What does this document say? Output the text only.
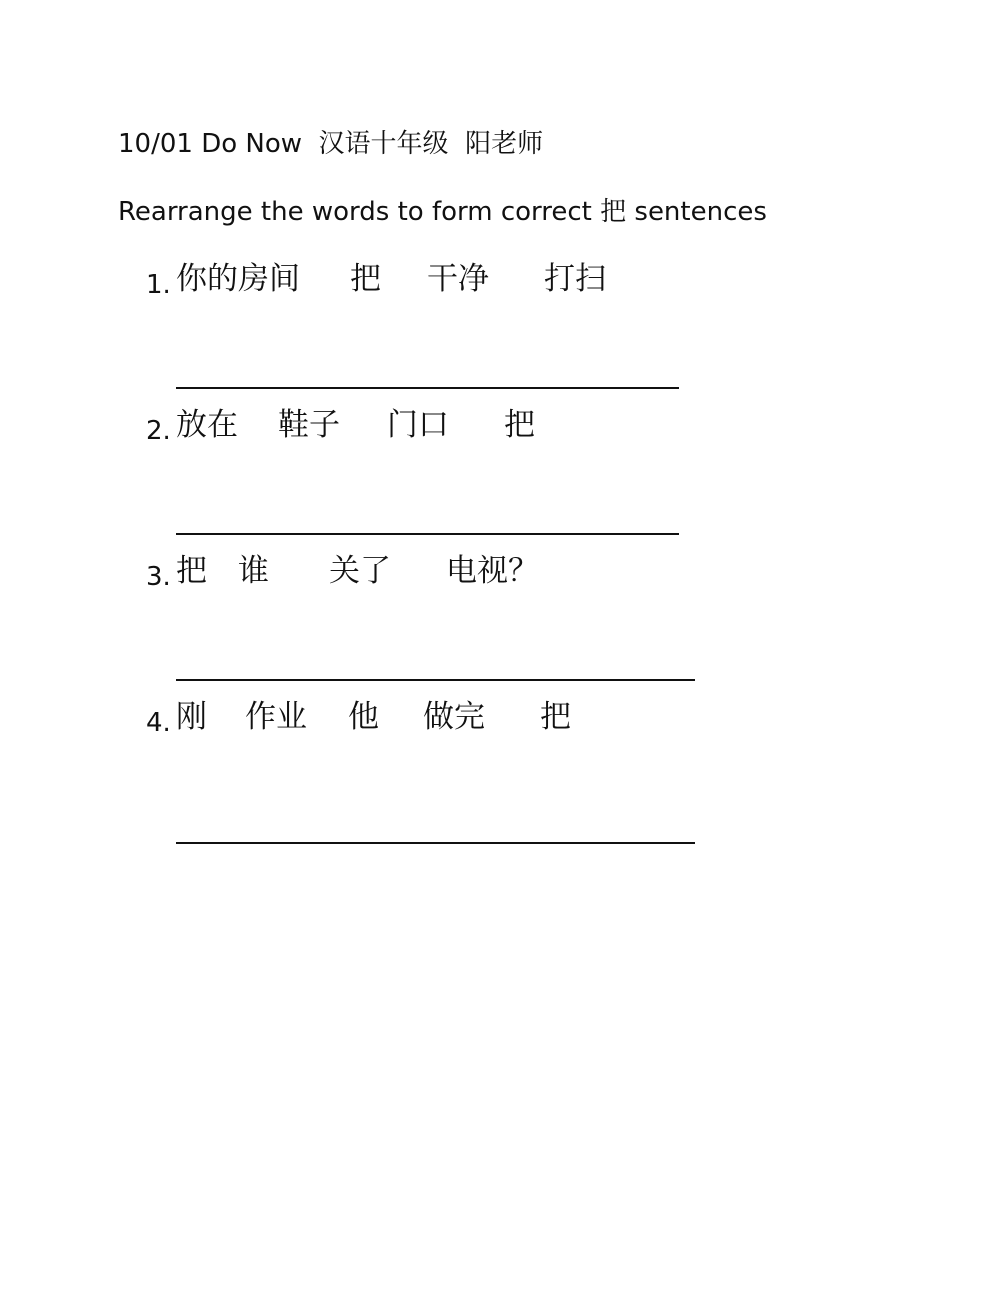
10/01 Do Now  汉语十年级  阳老师
Rearrange the words to form correct 把 sentences
1. 你的房间 把 干净 打扫
2. 放在 鞋子 门口 把
3. 把 谁 关了 电视？
4. 刚 作业 他 做完 把
